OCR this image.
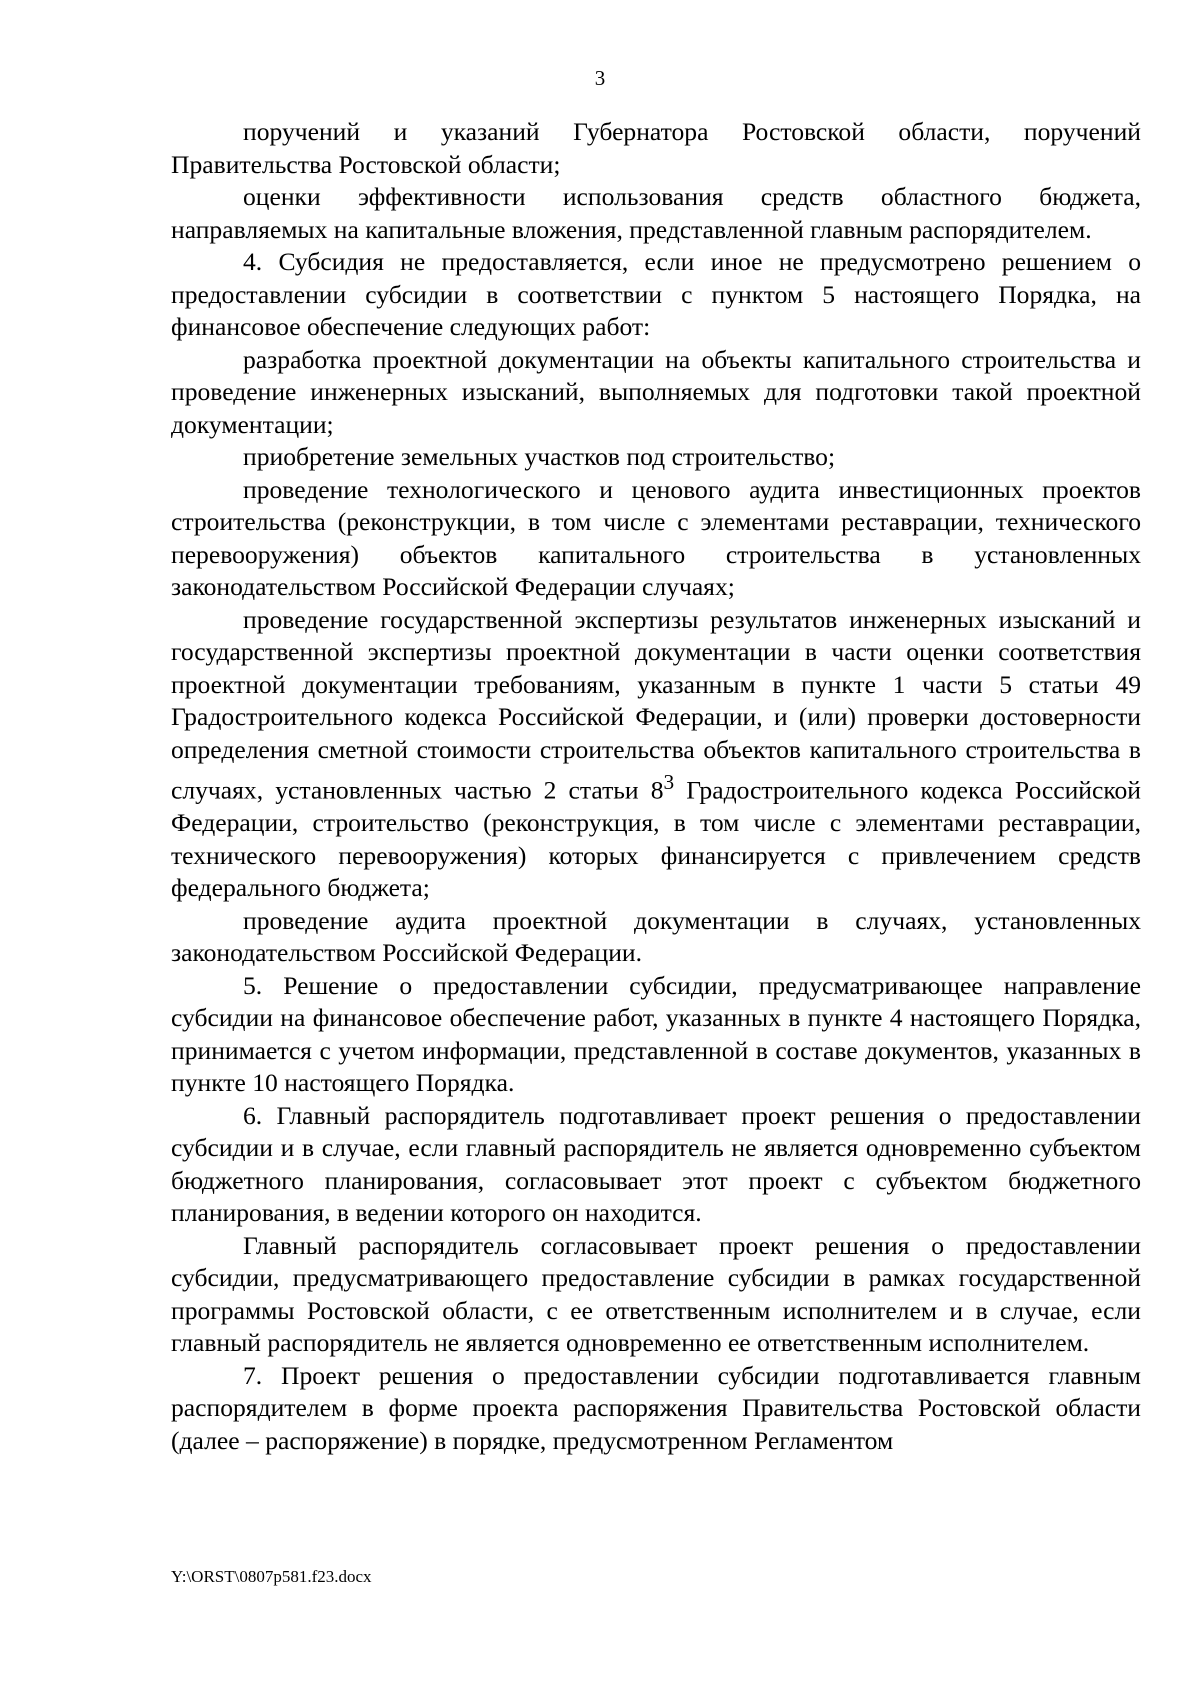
3

поручений и указаний Губернатора Ростовской области, поручений Правительства Ростовской области;

оценки эффективности использования средств областного бюджета, направляемых на капитальные вложения, представленной главным распорядителем.

4. Субсидия не предоставляется, если иное не предусмотрено решением о предоставлении субсидии в соответствии с пунктом 5 настоящего Порядка, на финансовое обеспечение следующих работ:

разработка проектной документации на объекты капитального строительства и проведение инженерных изысканий, выполняемых для подготовки такой проектной документации;

приобретение земельных участков под строительство;

проведение технологического и ценового аудита инвестиционных проектов строительства (реконструкции, в том числе с элементами реставрации, технического перевооружения) объектов капитального строительства в установленных законодательством Российской Федерации случаях;

проведение государственной экспертизы результатов инженерных изысканий и государственной экспертизы проектной документации в части оценки соответствия проектной документации требованиям, указанным в пункте 1 части 5 статьи 49 Градостроительного кодекса Российской Федерации, и (или) проверки достоверности определения сметной стоимости строительства объектов капитального строительства в случаях, установленных частью 2 статьи $8^3$ Градостроительного кодекса Российской Федерации, строительство (реконструкция, в том числе с элементами реставрации, технического перевооружения) которых финансируется с привлечением средств федерального бюджета;

проведение аудита проектной документации в случаях, установленных законодательством Российской Федерации.

5. Решение о предоставлении субсидии, предусматривающее направление субсидии на финансовое обеспечение работ, указанных в пункте 4 настоящего Порядка, принимается с учетом информации, представленной в составе документов, указанных в пункте 10 настоящего Порядка.

6. Главный распорядитель подготавливает проект решения о предоставлении субсидии и в случае, если главный распорядитель не является одновременно субъектом бюджетного планирования, согласовывает этот проект с субъектом бюджетного планирования, в ведении которого он находится.

Главный распорядитель согласовывает проект решения о предоставлении субсидии, предусматривающего предоставление субсидии в рамках государственной программы Ростовской области, с ее ответственным исполнителем и в случае, если главный распорядитель не является одновременно ее ответственным исполнителем.

7. Проект решения о предоставлении субсидии подготавливается главным распорядителем в форме проекта распоряжения Правительства Ростовской области (далее – распоряжение) в порядке, предусмотренном Регламентом

Y:\ORST\0807p581.f23.docx
